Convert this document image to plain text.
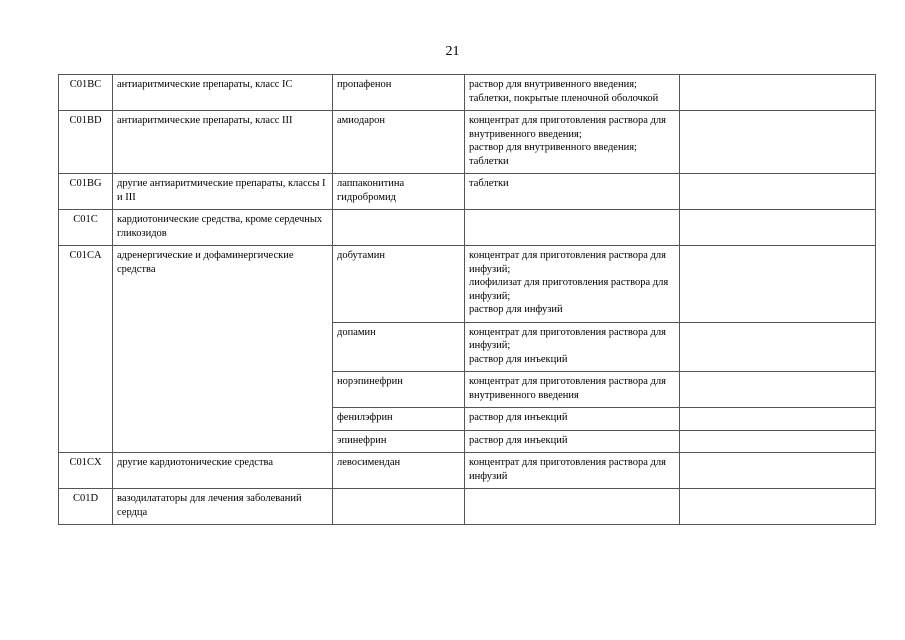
21
C01BC	антиаритмические препараты, класс IC	пропафенон	раствор для внутривенного введения;
таблетки, покрытые пленочной оболочкой	

C01BD	антиаритмические препараты, класс III	амиодарон	концентрат для приготовления раствора для внутривенного введения;
раствор для внутривенного введения;
таблетки	

C01BG	другие антиаритмические препараты, классы I и III	лаппаконитина гидробромид	таблетки	

C01C	кардиотонические средства, кроме сердечных гликозидов			
C01CA	адренергические и дофаминергические средства	добутамин	концентрат для приготовления раствора для инфузий;
лиофилизат для приготовления раствора для инфузий;
раствор для инфузий	

		допамин	концентрат для приготовления раствора для инфузий;
раствор для инъекций	

		норэпинефрин	концентрат для приготовления раствора для внутривенного введения	

		фенилэфрин	раствор для инъекций	

		эпинефрин	раствор для инъекций	

C01CX	другие кардиотонические средства	левосимендан	концентрат для приготовления раствора для инфузий	

C01D	вазодилататоры для лечения заболеваний сердца			
